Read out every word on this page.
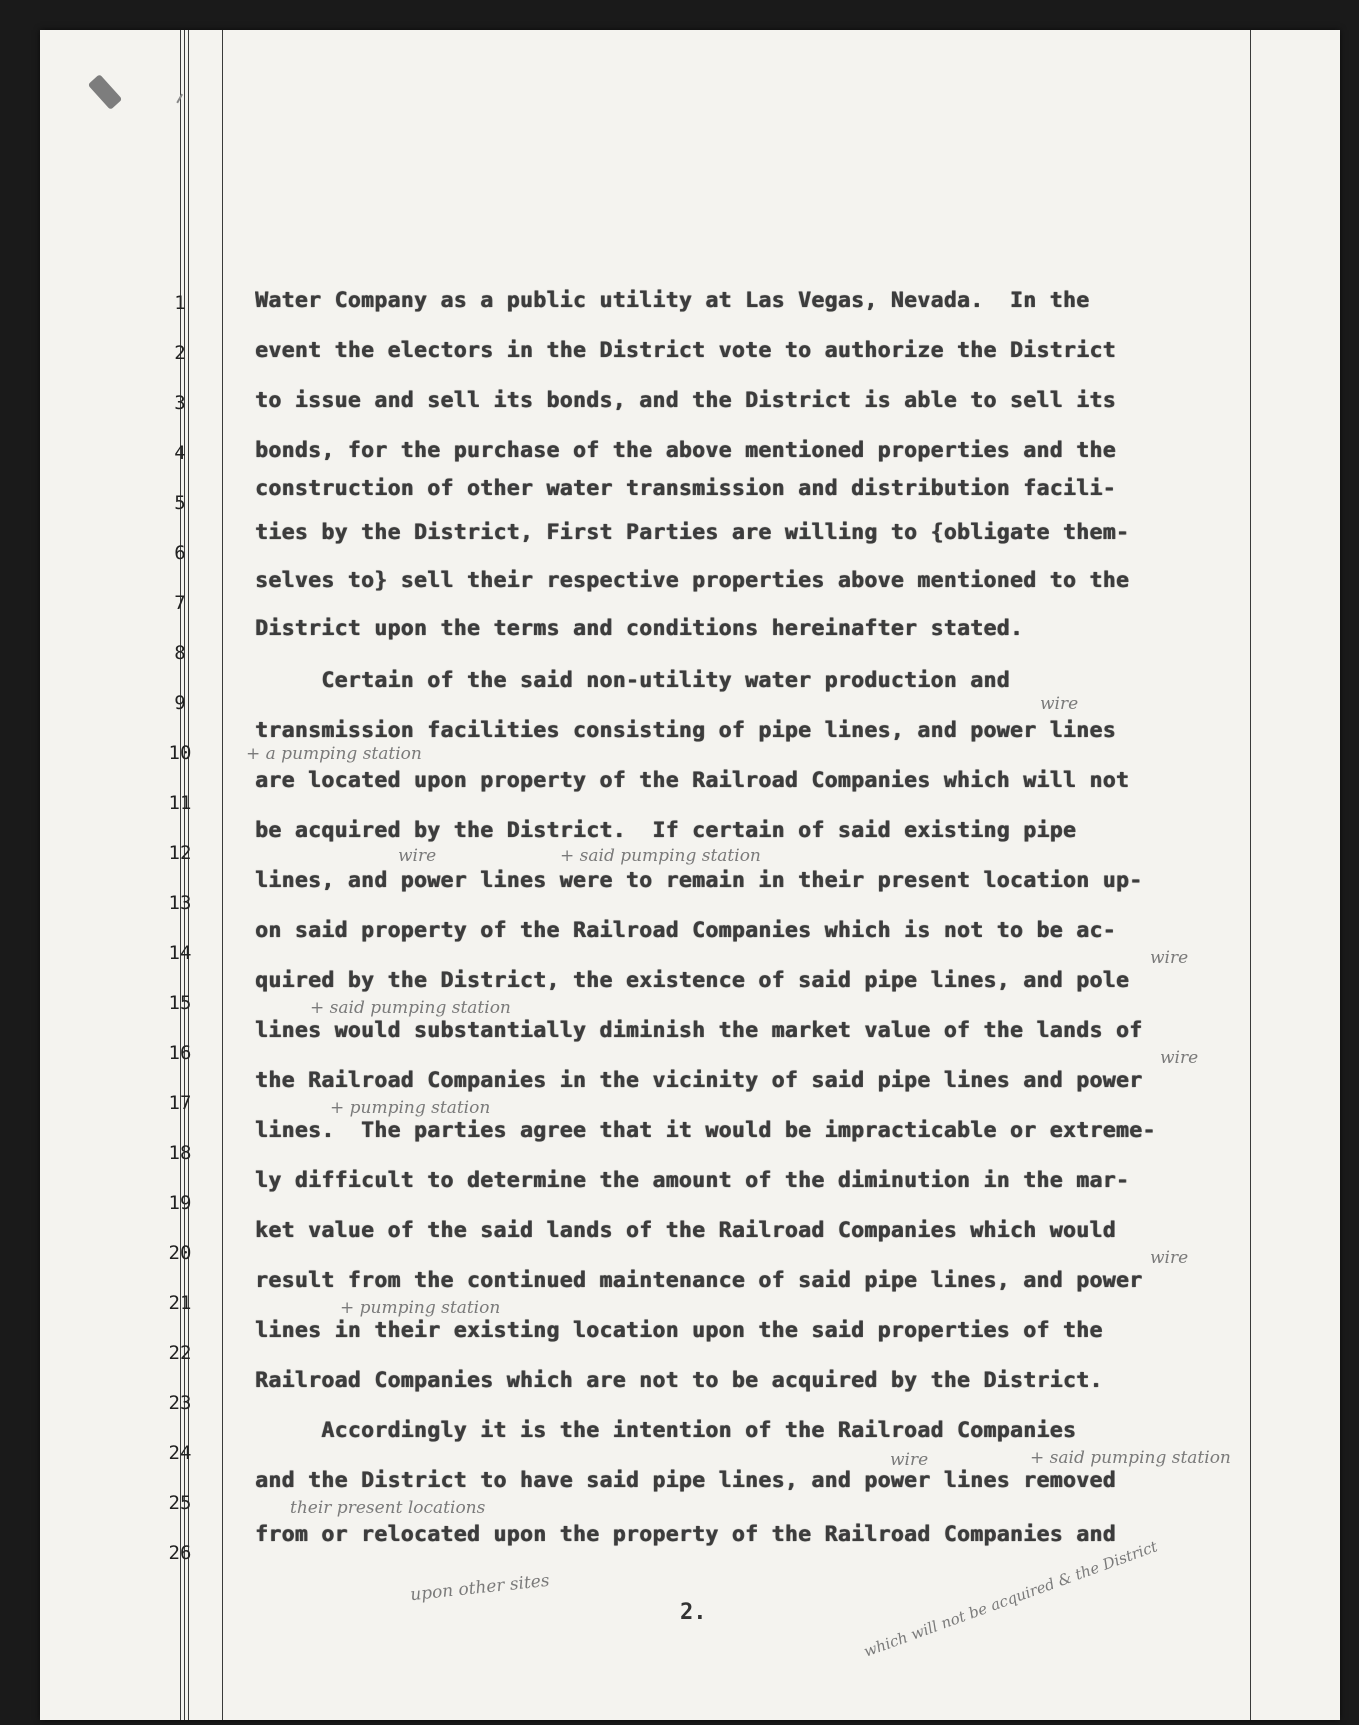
1
2
3
4
5
6
7
8
9
10
11
12
13
14
15
16
17
18
19
20
21
22
23
24
25
26
Water Company as a public utility at Las Vegas, Nevada.  In the
event the electors in the District vote to authorize the District
to issue and sell its bonds, and the District is able to sell its
bonds, for the purchase of the above mentioned properties and the
construction of other water transmission and distribution facili-
ties by the District, First Parties are willing to {obligate them-
selves to} sell their respective properties above mentioned to the
District upon the terms and conditions hereinafter stated.
Certain of the said non-utility water production and
transmission facilities consisting of pipe lines, and power lines
are located upon property of the Railroad Companies which will not
be acquired by the District.  If certain of said existing pipe
lines, and power lines were to remain in their present location up-
on said property of the Railroad Companies which is not to be ac-
quired by the District, the existence of said pipe lines, and pole
lines would substantially diminish the market value of the lands of
the Railroad Companies in the vicinity of said pipe lines and power
lines.  The parties agree that it would be impracticable or extreme-
ly difficult to determine the amount of the diminution in the mar-
ket value of the said lands of the Railroad Companies which would
result from the continued maintenance of said pipe lines, and power
lines in their existing location upon the said properties of the
Railroad Companies which are not to be acquired by the District.
Accordingly it is the intention of the Railroad Companies
and the District to have said pipe lines, and power lines removed
from or relocated upon the property of the Railroad Companies and
wire
+ a pumping station
wire	+ said pumping station
wire
+ said pumping station
wire
+ pumping station
wire
+ pumping station
wire	+ said pumping station
their present locations
upon other sites	which will not be acquired & the District
2.
